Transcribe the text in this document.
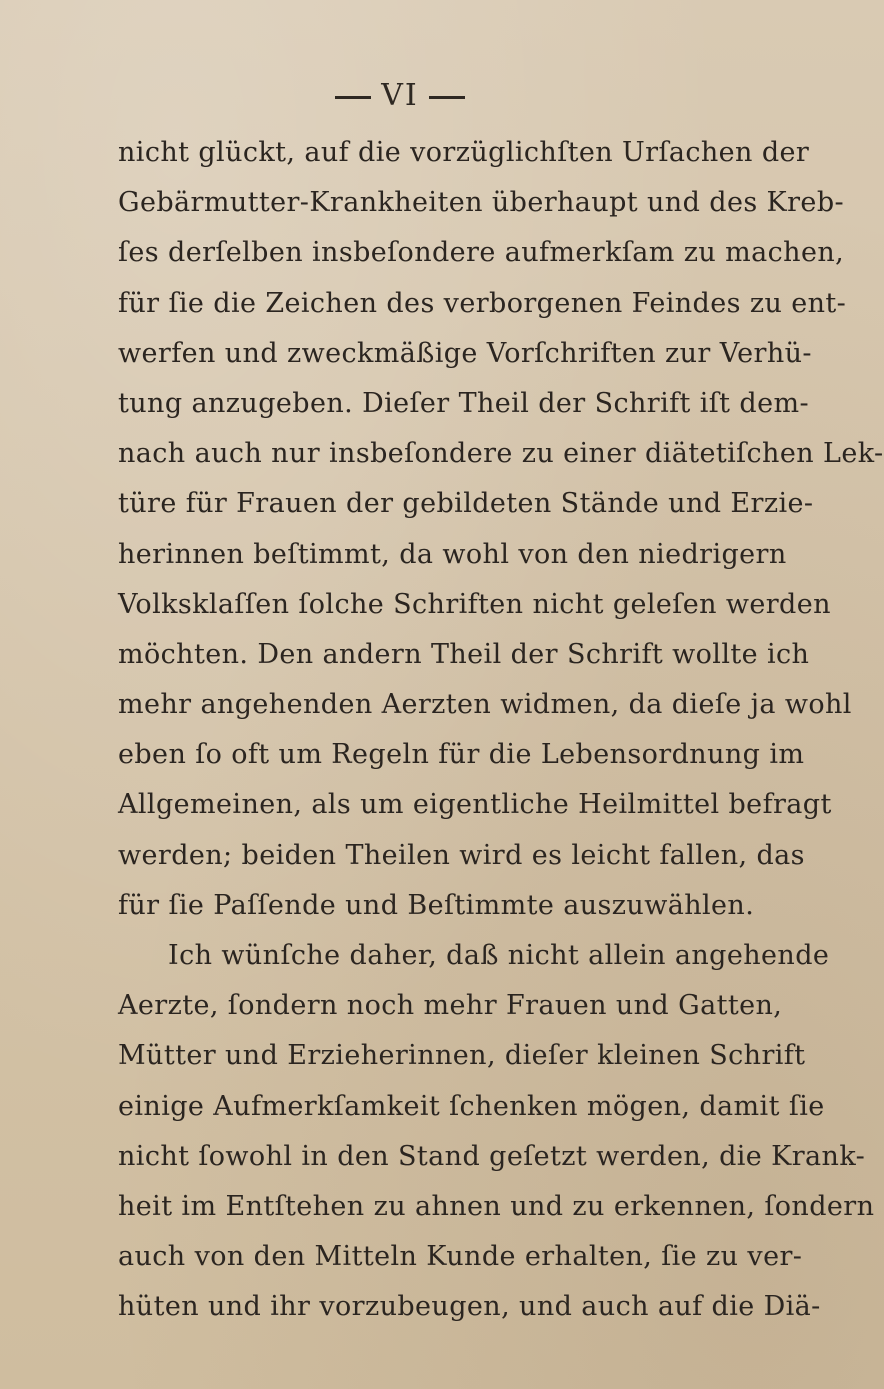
VI
nicht glückt, auf die vorzüglichſten Urſachen der
Gebärmutter-Krankheiten überhaupt und des Kreb-
ſes derſelben insbeſondere aufmerkſam zu machen,
für ſie die Zeichen des verborgenen Feindes zu ent-
werfen und zweckmäßige Vorſchriften zur Verhü-
tung anzugeben. Dieſer Theil der Schrift iſt dem-
nach auch nur insbeſondere zu einer diätetiſchen Lek-
türe für Frauen der gebildeten Stände und Erzie-
herinnen beſtimmt, da wohl von den niedrigern
Volksklaſſen ſolche Schriften nicht geleſen werden
möchten. Den andern Theil der Schrift wollte ich
mehr angehenden Aerzten widmen, da dieſe ja wohl
eben ſo oft um Regeln für die Lebensordnung im
Allgemeinen, als um eigentliche Heilmittel befragt
werden; beiden Theilen wird es leicht fallen, das
für ſie Paſſende und Beſtimmte auszuwählen.
Ich wünſche daher, daß nicht allein angehende
Aerzte, ſondern noch mehr Frauen und Gatten,
Mütter und Erzieherinnen, dieſer kleinen Schrift
einige Aufmerkſamkeit ſchenken mögen, damit ſie
nicht ſowohl in den Stand geſetzt werden, die Krank-
heit im Entſtehen zu ahnen und zu erkennen, ſondern
auch von den Mitteln Kunde erhalten, ſie zu ver-
hüten und ihr vorzubeugen, und auch auf die Diä-
